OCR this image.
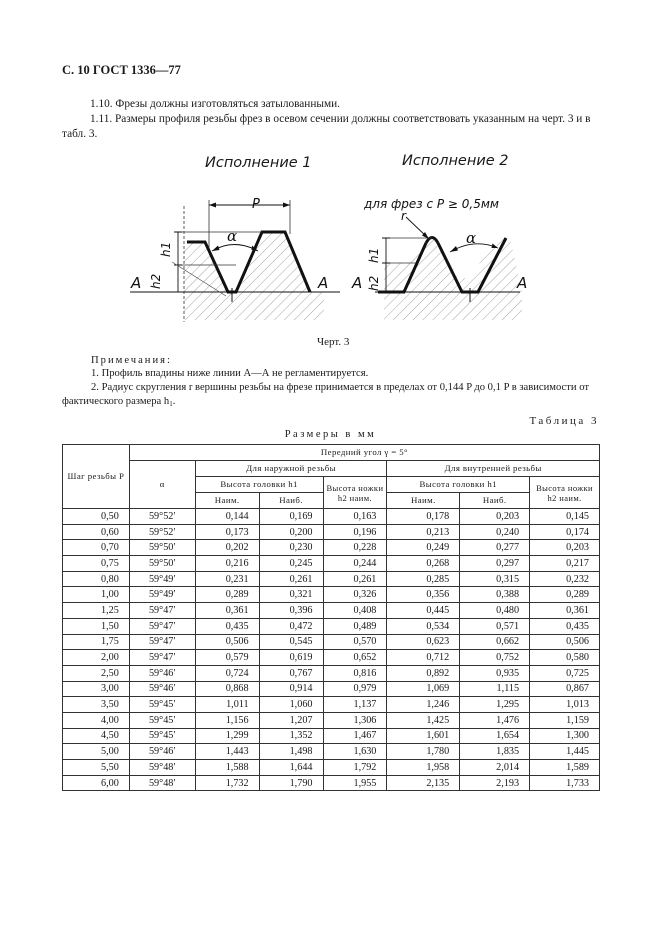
С. 10 ГОСТ 1336—77
1.10. Фрезы должны изготовляться затылованными.
1.11. Размеры профиля резьбы фрез в осевом сечении должны соответствовать указанным на черт. 3 и в табл. 3.
Исполнение 1	Исполнение 2
P
α
h1
h2
A	A
для фрез с P ≥ 0,5мм
r
α
h1
h2
A	A
Черт. 3
Примечания:
1. Профиль впадины ниже линии А—А не регламентируется.
2. Радиус скругления r вершины резьбы на фрезе принимается в пределах от 0,144 P до 0,1 P в зависимости от фактического размера h1.
Таблица 3
Размеры в мм
Шаг резьбы P	Передний угол γ = 5°						
	α	Для наружной резьбы			Для внутренней резьбы		
		Высота головки h1		Высота ножки h2 наим.	Высота головки h1		Высота ножки h2 наим.
		Наим.	Наиб.		Наим.	Наиб.	
0,50	59°52′	0,144	0,169	0,163	0,178	0,203	0,145
0,60	59°52′	0,173	0,200	0,196	0,213	0,240	0,174
0,70	59°50′	0,202	0,230	0,228	0,249	0,277	0,203
0,75	59°50′	0,216	0,245	0,244	0,268	0,297	0,217
0,80	59°49′	0,231	0,261	0,261	0,285	0,315	0,232
1,00	59°49′	0,289	0,321	0,326	0,356	0,388	0,289
1,25	59°47′	0,361	0,396	0,408	0,445	0,480	0,361
1,50	59°47′	0,435	0,472	0,489	0,534	0,571	0,435
1,75	59°47′	0,506	0,545	0,570	0,623	0,662	0,506
2,00	59°47′	0,579	0,619	0,652	0,712	0,752	0,580
2,50	59°46′	0,724	0,767	0,816	0,892	0,935	0,725
3,00	59°46′	0,868	0,914	0,979	1,069	1,115	0,867
3,50	59°45′	1,011	1,060	1,137	1,246	1,295	1,013
4,00	59°45′	1,156	1,207	1,306	1,425	1,476	1,159
4,50	59°45′	1,299	1,352	1,467	1,601	1,654	1,300
5,00	59°46′	1,443	1,498	1,630	1,780	1,835	1,445
5,50	59°48′	1,588	1,644	1,792	1,958	2,014	1,589
6,00	59°48′	1,732	1,790	1,955	2,135	2,193	1,733
